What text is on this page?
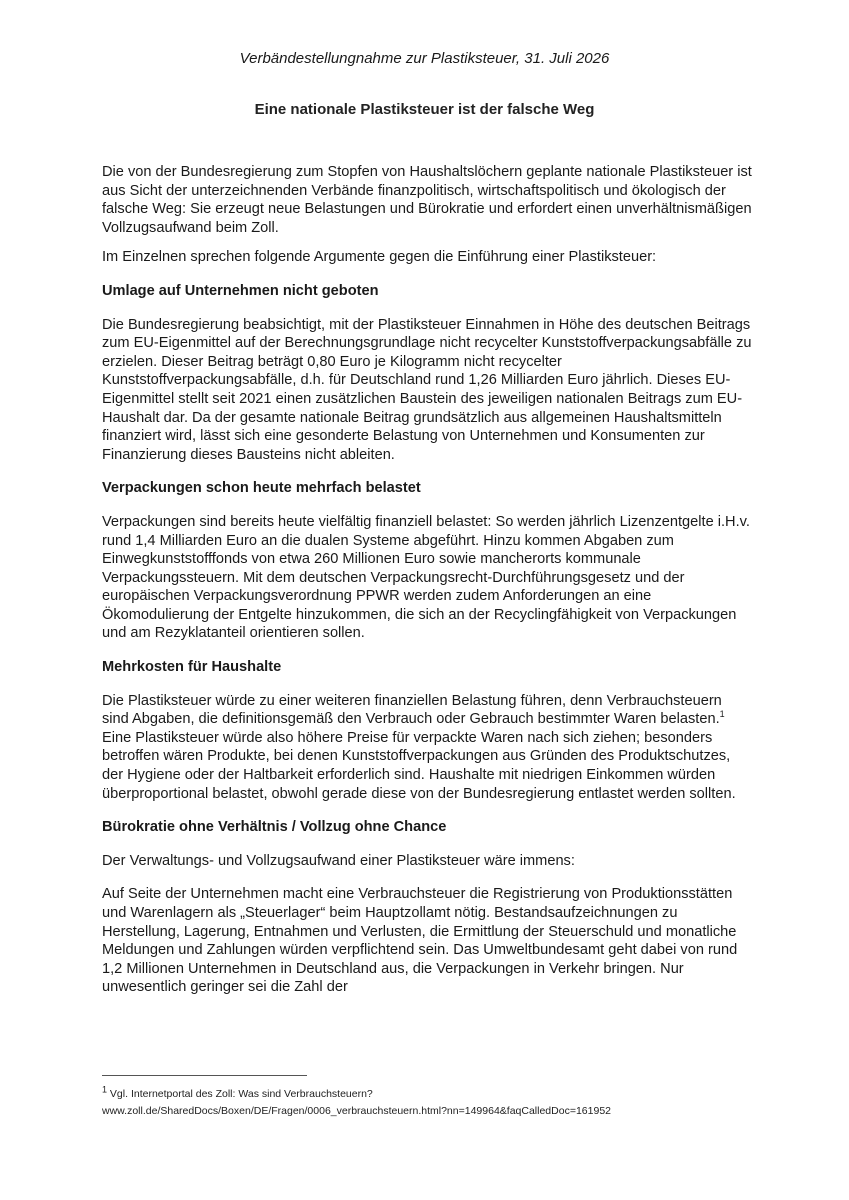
Verbändestellungnahme zur Plastiksteuer, 31. Juli 2026
Eine nationale Plastiksteuer ist der falsche Weg

Die von der Bundesregierung zum Stopfen von Haushaltslöchern geplante nationale Plastiksteuer ist aus Sicht der unterzeichnenden Verbände finanzpolitisch, wirtschaftspolitisch und ökologisch der falsche Weg: Sie erzeugt neue Belastungen und Bürokratie und erfordert einen unverhältnismäßigen Vollzugsaufwand beim Zoll.

Im Einzelnen sprechen folgende Argumente gegen die Einführung einer Plastiksteuer:

Umlage auf Unternehmen nicht geboten

Die Bundesregierung beabsichtigt, mit der Plastiksteuer Einnahmen in Höhe des deutschen Beitrags zum EU-Eigenmittel auf der Berechnungsgrundlage nicht recycelter Kunststoffverpackungsabfälle zu erzielen. Dieser Beitrag beträgt 0,80 Euro je Kilogramm nicht recycelter Kunststoffverpackungsabfälle, d.h. für Deutschland rund 1,26 Milliarden Euro jährlich. Dieses EU-Eigenmittel stellt seit 2021 einen zusätzlichen Baustein des jeweiligen nationalen Beitrags zum EU-Haushalt dar. Da der gesamte nationale Beitrag grundsätzlich aus allgemeinen Haushaltsmitteln finanziert wird, lässt sich eine gesonderte Belastung von Unternehmen und Konsumenten zur Finanzierung dieses Bausteins nicht ableiten.

Verpackungen schon heute mehrfach belastet

Verpackungen sind bereits heute vielfältig finanziell belastet: So werden jährlich Lizenzentgelte i.H.v. rund 1,4 Milliarden Euro an die dualen Systeme abgeführt. Hinzu kommen Abgaben zum Einwegkunststofffonds von etwa 260 Millionen Euro sowie mancherorts kommunale Verpackungssteuern. Mit dem deutschen Verpackungsrecht-Durchführungsgesetz und der europäischen Verpackungsverordnung PPWR werden zudem Anforderungen an eine Ökomodulierung der Entgelte hinzukommen, die sich an der Recyclingfähigkeit von Verpackungen und am Rezyklatanteil orientieren sollen.

Mehrkosten für Haushalte

Die Plastiksteuer würde zu einer weiteren finanziellen Belastung führen, denn Verbrauchsteuern sind Abgaben, die definitionsgemäß den Verbrauch oder Gebrauch bestimmter Waren belasten.$^1$ Eine Plastiksteuer würde also höhere Preise für verpackte Waren nach sich ziehen; besonders betroffen wären Produkte, bei denen Kunststoffverpackungen aus Gründen des Produktschutzes, der Hygiene oder der Haltbarkeit erforderlich sind. Haushalte mit niedrigen Einkommen würden überproportional belastet, obwohl gerade diese von der Bundesregierung entlastet werden sollten.

Bürokratie ohne Verhältnis / Vollzug ohne Chance

Der Verwaltungs- und Vollzugsaufwand einer Plastiksteuer wäre immens:

Auf Seite der Unternehmen macht eine Verbrauchsteuer die Registrierung von Produktionsstätten und Warenlagern als „Steuerlager“ beim Hauptzollamt nötig. Bestandsaufzeichnungen zu Herstellung, Lagerung, Entnahmen und Verlusten, die Ermittlung der Steuerschuld und monatliche Meldungen und Zahlungen würden verpflichtend sein. Das Umweltbundesamt geht dabei von rund 1,2 Millionen Unternehmen in Deutschland aus, die Verpackungen in Verkehr bringen. Nur unwesentlich geringer sei die Zahl der

$^1$ Vgl. Internetportal des Zoll: Was sind Verbrauchsteuern?

www.zoll.de/SharedDocs/Boxen/DE/Fragen/0006_verbrauchsteuern.html?nn=149964&faqCalledDoc=161952
